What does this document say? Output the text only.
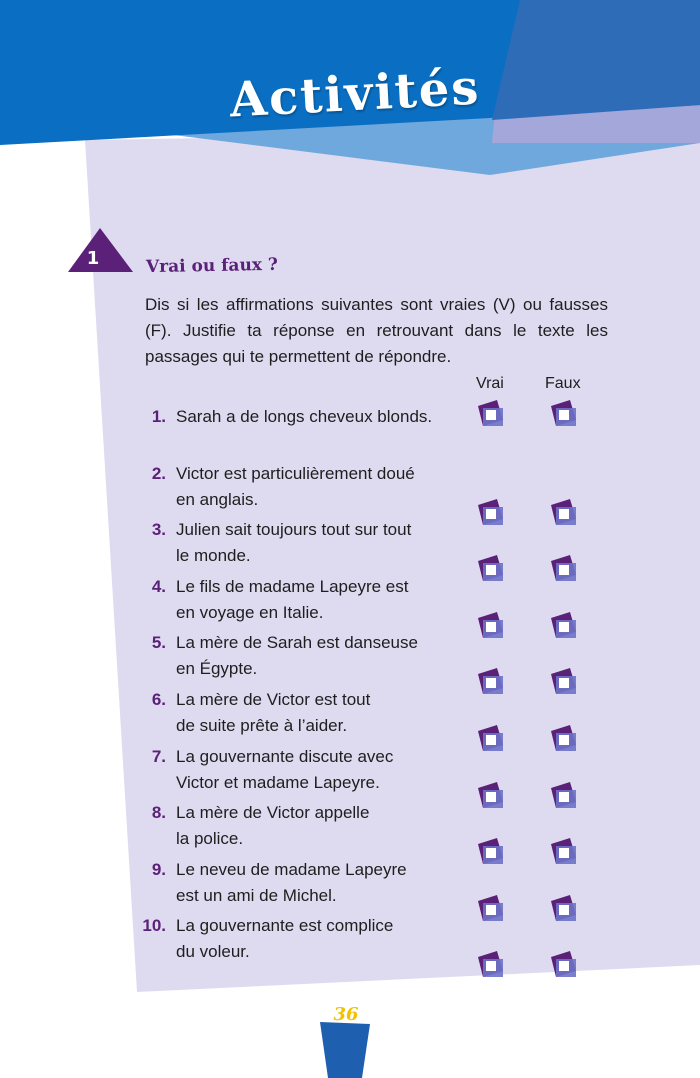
Activités
1	Vrai ou faux ?
Dis si les affirmations suivantes sont vraies (V) ou fausses (F). Justifie ta réponse en retrouvant dans le texte les passages qui te permettent de répondre.
Vrai	Faux
1. Sarah a de longs cheveux blonds.
2. Victor est particulièrement doué
en anglais.
3. Julien sait toujours tout sur tout
le monde.
4. Le fils de madame Lapeyre est
en voyage en Italie.
5. La mère de Sarah est danseuse
en Égypte.
6. La mère de Victor est tout
de suite prête à l’aider.
7. La gouvernante discute avec
Victor et madame Lapeyre.
8. La mère de Victor appelle
la police.
9. Le neveu de madame Lapeyre
est un ami de Michel.
10. La gouvernante est complice
du voleur.
36
